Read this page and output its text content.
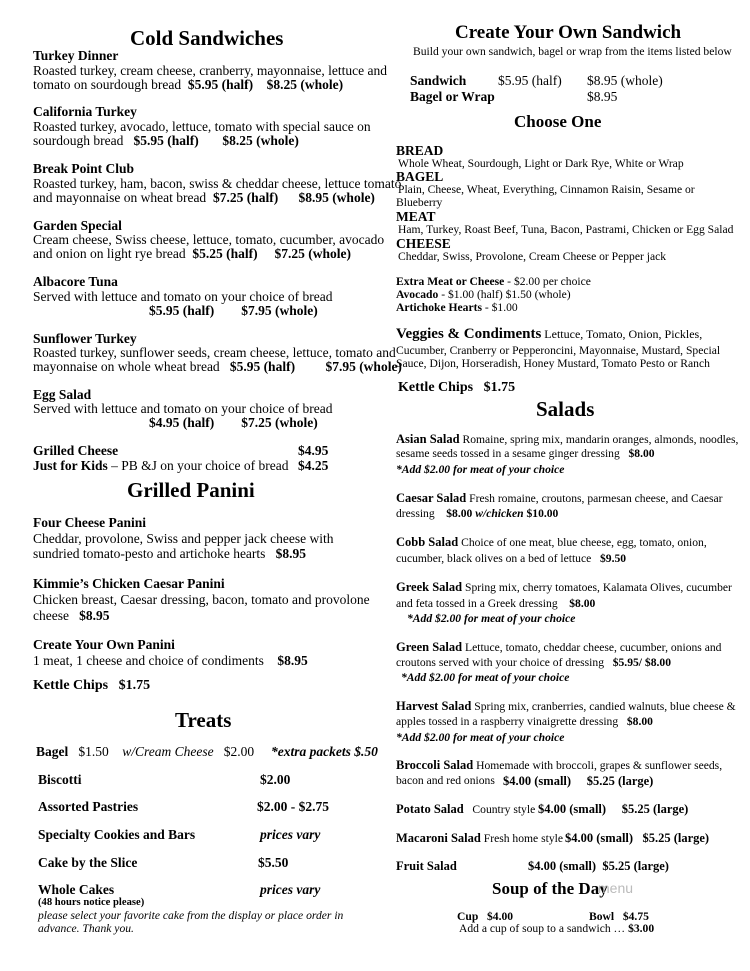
Cold Sandwiches
Turkey Dinner
Roasted turkey, cream cheese, cranberry, mayonnaise, lettuce and
tomato on sourdough bread $5.95 (half) $8.25 (whole)
California Turkey
Roasted turkey, avocado, lettuce, tomato with special sauce on
sourdough bread $5.95 (half) $8.25 (whole)
Break Point Club
Roasted turkey, ham, bacon, swiss & cheddar cheese, lettuce tomato
and mayonnaise on wheat bread $7.25 (half) $8.95 (whole)
Garden Special
Cream cheese, Swiss cheese, lettuce, tomato, cucumber, avocado
and onion on light rye bread $5.25 (half) $7.25 (whole)
Albacore Tuna
Served with lettuce and tomato on your choice of bread
$5.95 (half) $7.95 (whole)
Sunflower Turkey
Roasted turkey, sunflower seeds, cream cheese, lettuce, tomato and
mayonnaise on whole wheat bread $5.95 (half) $7.95 (whole)
Egg Salad
Served with lettuce and tomato on your choice of bread
$4.95 (half) $7.25 (whole)
Grilled Cheese	$4.95
Just for Kids – PB &J on your choice of bread $4.25
Grilled Panini
Four Cheese Panini
Cheddar, provolone, Swiss and pepper jack cheese with
sundried tomato-pesto and artichoke hearts $8.95
Kimmie’s Chicken Caesar Panini
Chicken breast, Caesar dressing, bacon, tomato and provolone
cheese $8.95
Create Your Own Panini
1 meat, 1 cheese and choice of condiments $8.95
Kettle Chips $1.75
Treats
Bagel $1.50 w/Cream Cheese $2.00 *extra packets $.50
Biscotti	$2.00
Assorted Pastries	$2.00 - $2.75
Specialty Cookies and Bars	prices vary
Cake by the Slice	$5.50
Whole Cakes	prices vary
(48 hours notice please)
please select your favorite cake from the display or place order in
advance. Thank you.
Create Your Own Sandwich
Build your own sandwich, bagel or wrap from the items listed below
Sandwich $5.95 (half) $8.95 (whole)
Bagel or Wrap	$8.95
Choose One
BREAD
Whole Wheat, Sourdough, Light or Dark Rye, White or Wrap
BAGEL
Plain, Cheese, Wheat, Everything, Cinnamon Raisin, Sesame or
Blueberry
MEAT
Ham, Turkey, Roast Beef, Tuna, Bacon, Pastrami, Chicken or Egg Salad
CHEESE
Cheddar, Swiss, Provolone, Cream Cheese or Pepper jack
Extra Meat or Cheese - $2.00 per choice
Avocado - $1.00 (half) $1.50 (whole)
Artichoke Hearts - $1.00
Veggies & Condiments Lettuce, Tomato, Onion, Pickles,
Cucumber, Cranberry or Pepperoncini, Mayonnaise, Mustard, Special
Sauce, Dijon, Horseradish, Honey Mustard, Tomato Pesto or Ranch
Kettle Chips $1.75
Salads
Asian Salad Romaine, spring mix, mandarin oranges, almonds, noodles,
sesame seeds tossed in a sesame ginger dressing $8.00
*Add $2.00 for meat of your choice
Caesar Salad Fresh romaine, croutons, parmesan cheese, and Caesar
dressing $8.00 w/chicken $10.00
Cobb Salad Choice of one meat, blue cheese, egg, tomato, onion,
cucumber, black olives on a bed of lettuce $9.50
Greek Salad Spring mix, cherry tomatoes, Kalamata Olives, cucumber
and feta tossed in a Greek dressing $8.00
*Add $2.00 for meat of your choice
Green Salad Lettuce, tomato, cheddar cheese, cucumber, onions and
croutons served with your choice of dressing $5.95/ $8.00
*Add $2.00 for meat of your choice
Harvest Salad Spring mix, cranberries, candied walnuts, blue cheese &
apples tossed in a raspberry vinaigrette dressing $8.00
*Add $2.00 for meat of your choice
Broccoli Salad Homemade with broccoli, grapes & sunflower seeds,
bacon and red onions $4.00 (small) $5.25 (large)
Potato Salad Country style $4.00 (small) $5.25 (large)
Macaroni Salad Fresh home style $4.00 (small) $5.25 (large)
Fruit Salad	$4.00 (small) $5.25 (large)
Soup of the Day
menu
Cup $4.00	Bowl $4.75
Add a cup of soup to a sandwich … $3.00
